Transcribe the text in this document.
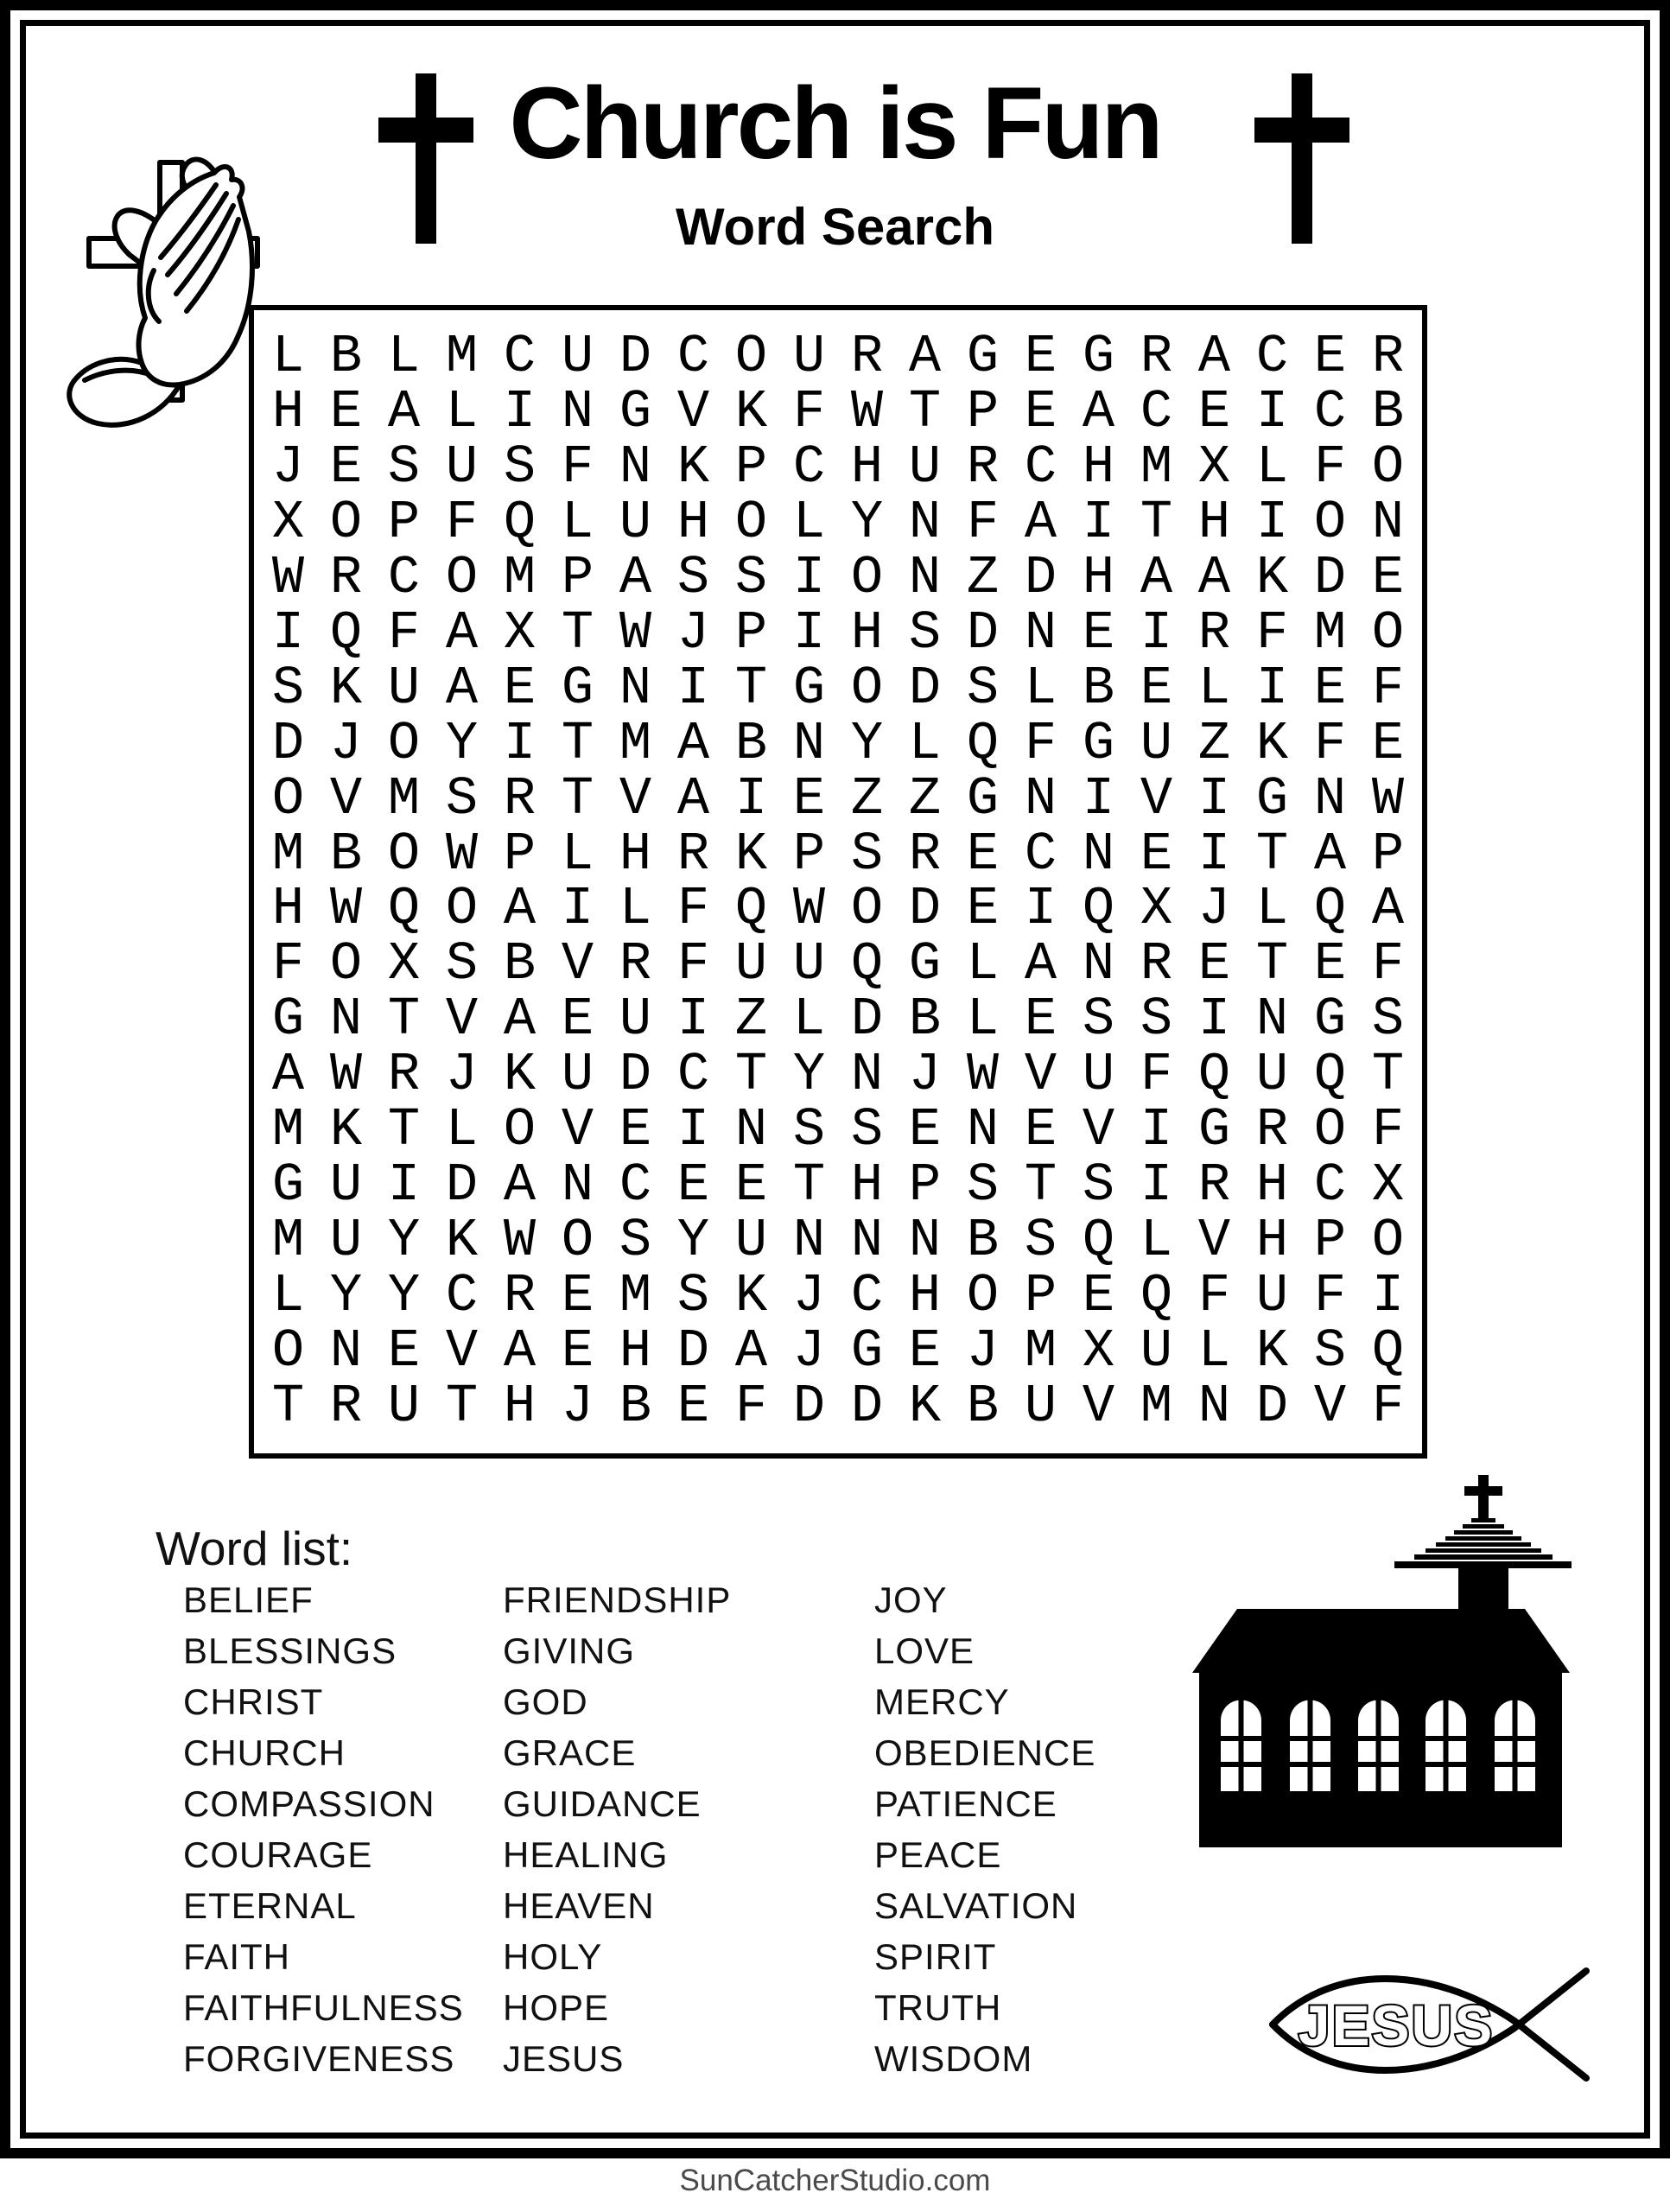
Church is Fun
Word Search
L B L M C U D C O U R A G E G R A C E R
H E A L I N G V K F W T P E A C E I C B
J E S U S F N K P C H U R C H M X L F O
X O P F Q L U H O L Y N F A I T H I O N
W R C O M P A S S I O N Z D H A A K D E
I Q F A X T W J P I H S D N E I R F M O
S K U A E G N I T G O D S L B E L I E F
D J O Y I T M A B N Y L Q F G U Z K F E
O V M S R T V A I E Z Z G N I V I G N W
M B O W P L H R K P S R E C N E I T A P
H W Q O A I L F Q W O D E I Q X J L Q A
F O X S B V R F U U Q G L A N R E T E F
G N T V A E U I Z L D B L E S S I N G S
A W R J K U D C T Y N J W V U F Q U Q T
M K T L O V E I N S S E N E V I G R O F
G U I D A N C E E T H P S T S I R H C X
M U Y K W O S Y U N N N B S Q L V H P O
L Y Y C R E M S K J C H O P E Q F U F I
O N E V A E H D A J G E J M X U L K S Q
T R U T H J B E F D D K B U V M N D V F
Word list:
BELIEF
BLESSINGS
CHRIST
CHURCH
COMPASSION
COURAGE
ETERNAL
FAITH
FAITHFULNESS
FORGIVENESS
FRIENDSHIP
GIVING
GOD
GRACE
GUIDANCE
HEALING
HEAVEN
HOLY
HOPE
JESUS
JOY
LOVE
MERCY
OBEDIENCE
PATIENCE
PEACE
SALVATION
SPIRIT
TRUTH
WISDOM
JESUS
SunCatcherStudio.com
